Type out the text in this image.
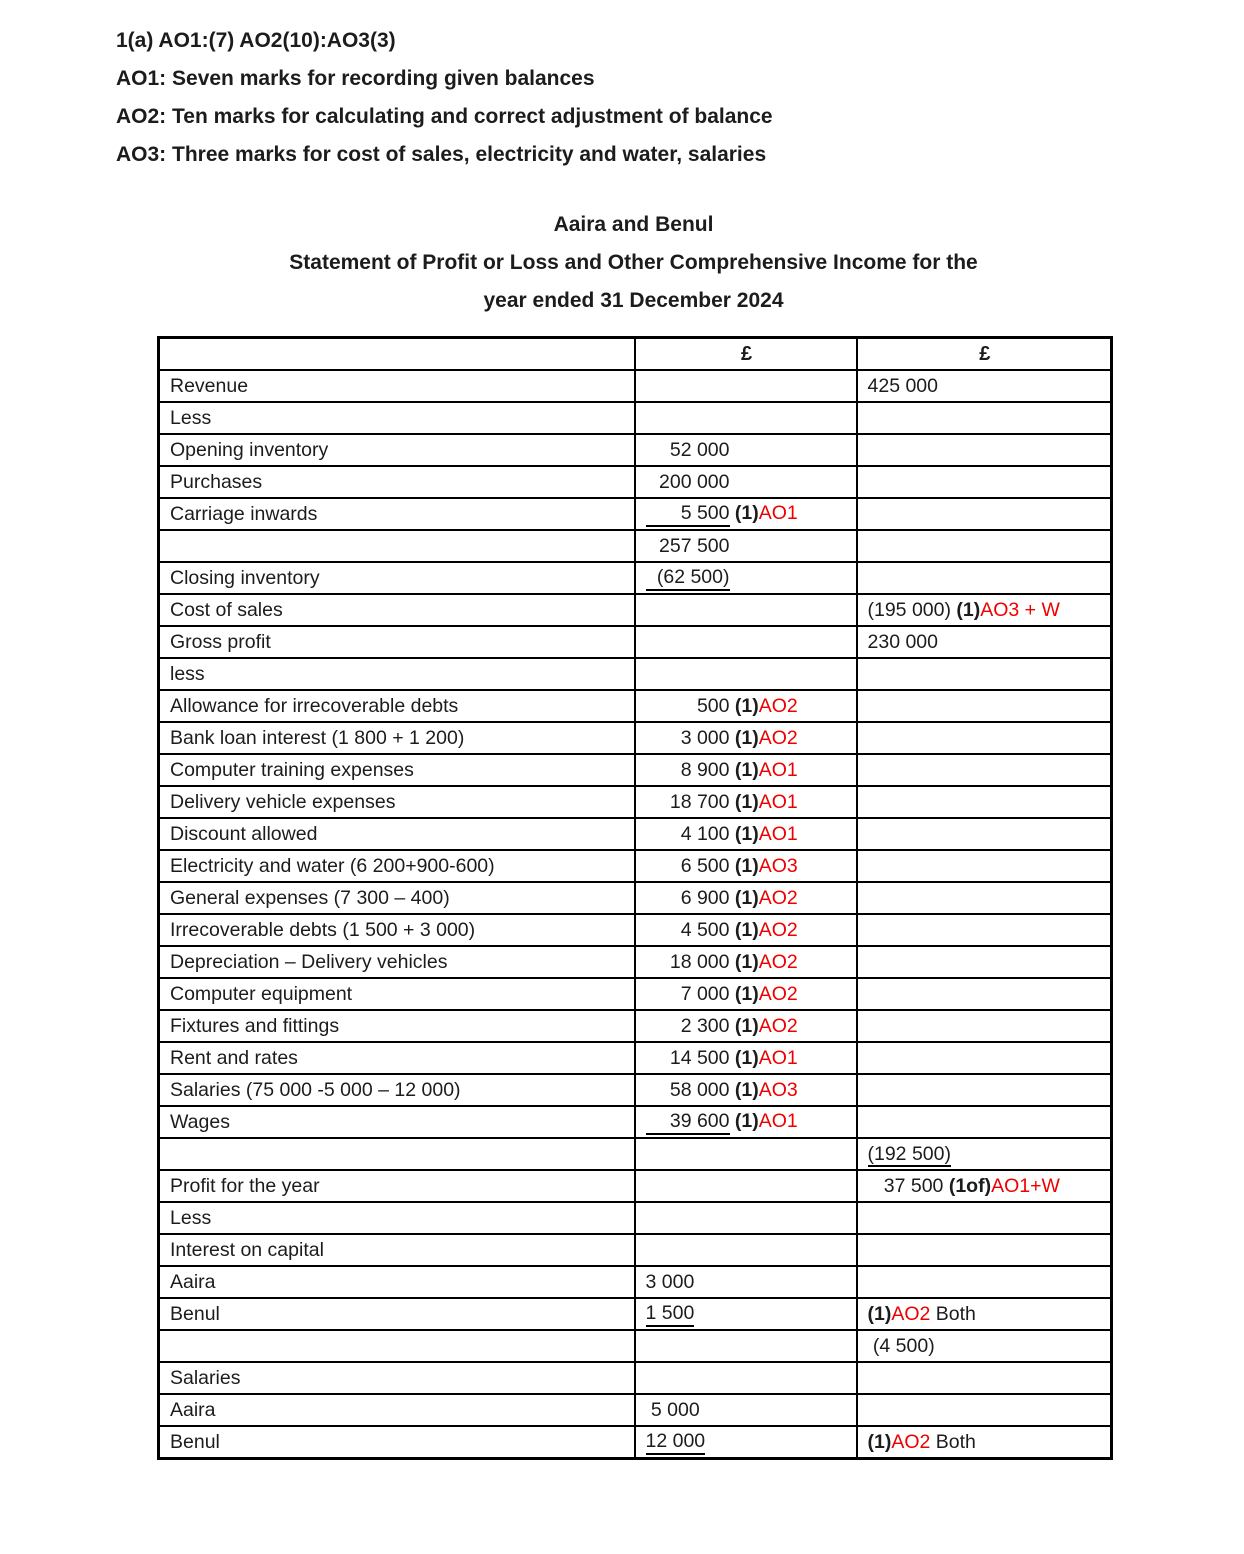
1(a) AO1:(7) AO2(10):AO3(3)
AO1: Seven marks for recording given balances
AO2: Ten marks for calculating and correct adjustment of balance
AO3: Three marks for cost of sales, electricity and water, salaries
Aaira and Benul
Statement of Profit or Loss and Other Comprehensive Income for the
year ended 31 December 2024
	£	£
Revenue		425 000
Less		
Opening inventory	52 000	
Purchases	200 000	
Carriage inwards	5 500 (1)AO1	
	257 500	
Closing inventory	(62 500)	
Cost of sales		(195 000) (1)AO3 + W
Gross profit		230 000
less		
Allowance for irrecoverable debts	500 (1)AO2	
Bank loan interest (1 800 + 1 200)	3 000 (1)AO2	
Computer training expenses	8 900 (1)AO1	
Delivery vehicle expenses	18 700 (1)AO1	
Discount allowed	4 100 (1)AO1	
Electricity and water (6 200+900-600)	6 500 (1)AO3	
General expenses (7 300 – 400)	6 900 (1)AO2	
Irrecoverable debts (1 500 + 3 000)	4 500 (1)AO2	
Depreciation – Delivery vehicles	18 000 (1)AO2	
Computer equipment	7 000 (1)AO2	
Fixtures and fittings	2 300 (1)AO2	
Rent and rates	14 500 (1)AO1	
Salaries (75 000 -5 000 – 12 000)	58 000 (1)AO3	
Wages	39 600 (1)AO1	
		(192 500)
Profit for the year		37 500 (1of)AO1+W
Less		
Interest on capital		
Aaira	3 000	
Benul	1 500	(1)AO2 Both
		(4 500)
Salaries		
Aaira	5 000	
Benul	12 000	(1)AO2 Both
